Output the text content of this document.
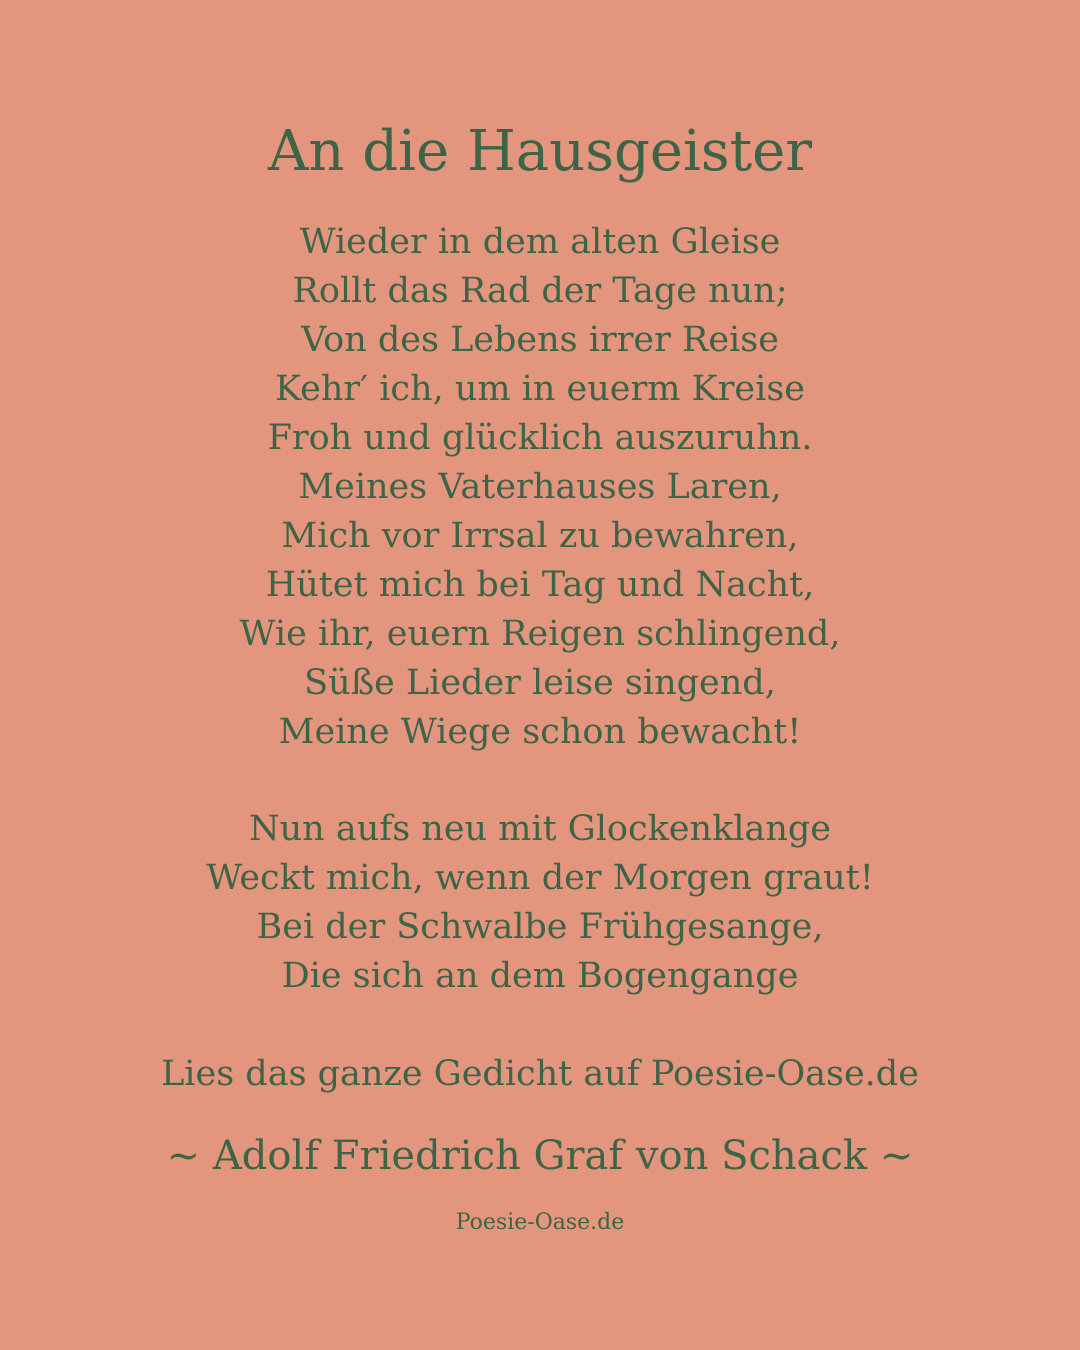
An die Hausgeister
Wieder in dem alten Gleise
Rollt das Rad der Tage nun;
Von des Lebens irrer Reise
Kehr′ ich, um in euerm Kreise
Froh und glücklich auszuruhn.
Meines Vaterhauses Laren,
Mich vor Irrsal zu bewahren,
Hütet mich bei Tag und Nacht,
Wie ihr, euern Reigen schlingend,
Süße Lieder leise singend,
Meine Wiege schon bewacht!
Nun aufs neu mit Glockenklange
Weckt mich, wenn der Morgen graut!
Bei der Schwalbe Frühgesange,
Die sich an dem Bogengange
Lies das ganze Gedicht auf Poesie-Oase.de
~ Adolf Friedrich Graf von Schack ~
Poesie-Oase.de
